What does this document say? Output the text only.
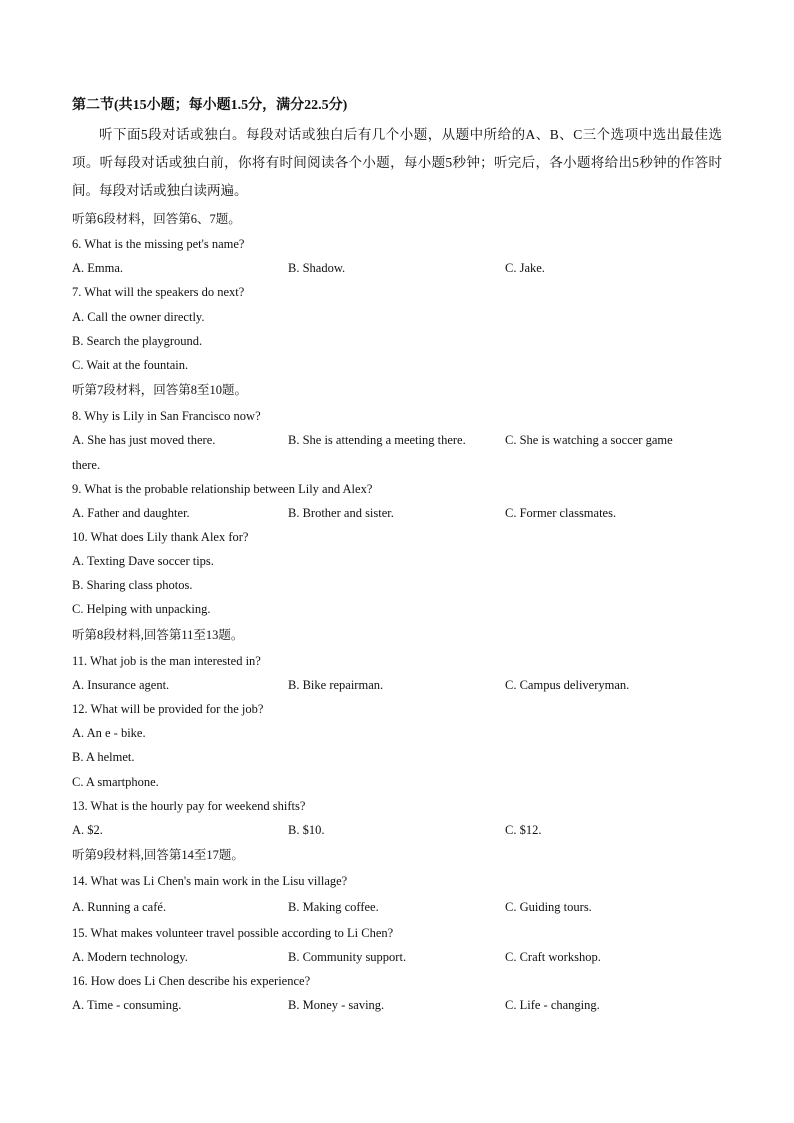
第二节(共15小题；每小题1.5分，满分22.5分)
听下面5段对话或独白。每段对话或独白后有几个小题，从题中所给的A、B、C三个选项中选出最佳选项。听每段对话或独白前，你将有时间阅读各个小题，每小题5秒钟；听完后，各小题将给出5秒钟的作答时间。每段对话或独白读两遍。
听第6段材料，回答第6、7题。
6. What is the missing pet's name?
A. Emma.	B. Shadow.	C. Jake.
7. What will the speakers do next?
A. Call the owner directly.
B. Search the playground.
C. Wait at the fountain.
听第7段材料，回答第8至10题。
8. Why is Lily in San Francisco now?
A. She has just moved there.	B. She is attending a meeting there.	C. She is watching a soccer game
there.
9. What is the probable relationship between Lily and Alex?
A. Father and daughter.	B. Brother and sister.	C. Former classmates.
10. What does Lily thank Alex for?
A. Texting Dave soccer tips.
B. Sharing class photos.
C. Helping with unpacking.
听第8段材料,回答第11至13题。
11. What job is the man interested in?
A. Insurance agent.	B. Bike repairman.	C. Campus deliveryman.
12. What will be provided for the job?
A. An e - bike.
B. A helmet.
C. A smartphone.
13. What is the hourly pay for weekend shifts?
A. $2.	B. $10.	C. $12.
听第9段材料,回答第14至17题。
14. What was Li Chen's main work in the Lisu village?
A. Running a café.	B. Making coffee.	C. Guiding tours.
15. What makes volunteer travel possible according to Li Chen?
A. Modern technology.	B. Community support.	C. Craft workshop.
16. How does Li Chen describe his experience?
A. Time - consuming.	B. Money - saving.	C. Life - changing.
